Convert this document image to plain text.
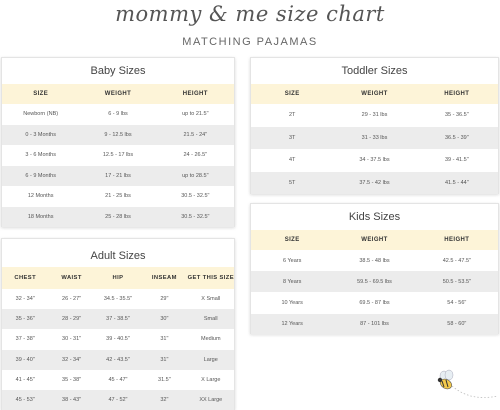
mommy & me size chart
MATCHING PAJAMAS
Baby Sizes
SIZE	WEIGHT	HEIGHT
Newborn (NB)	6 - 9 lbs	up to 21.5"
0 - 3 Months	9 - 12.5 lbs	21.5 - 24"
3 - 6 Months	12.5 - 17 lbs	24 - 26.5"
6 - 9 Months	17 - 21 lbs	up to 28.5"
12 Months	21 - 25 lbs	30.5 - 32.5"
18 Months	25 - 28 lbs	30.5 - 32.5"
Toddler Sizes
SIZE	WEIGHT	HEIGHT
2T	29 - 31 lbs	35 - 36.5"
3T	31 - 33 lbs	36.5 - 39"
4T	34 - 37.5 lbs	39 - 41.5"
5T	37.5 - 42 lbs	41.5 - 44"
Adult Sizes
CHEST	WAIST	HIP	INSEAM	GET THIS SIZE
32 - 34"	26 - 27"	34.5 - 35.5"	29"	X Small
35 - 36"	28 - 29"	37 - 38.5"	30"	Small
37 - 38"	30 - 31"	39 - 40.5"	31"	Medium
39 - 40"	32 - 34"	42 - 43.5"	31"	Large
41 - 45"	35 - 38"	45 - 47"	31.5"	X Large
45 - 53"	38 - 43"	47 - 52"	32"	XX Large
Kids Sizes
SIZE	WEIGHT	HEIGHT
6 Years	38.5 - 48 lbs	42.5 - 47.5"
8 Years	59.5 - 69.5 lbs	50.5 - 53.5"
10 Years	69.5 - 87 lbs	54 - 56"
12 Years	87 - 101 lbs	58 - 60"
